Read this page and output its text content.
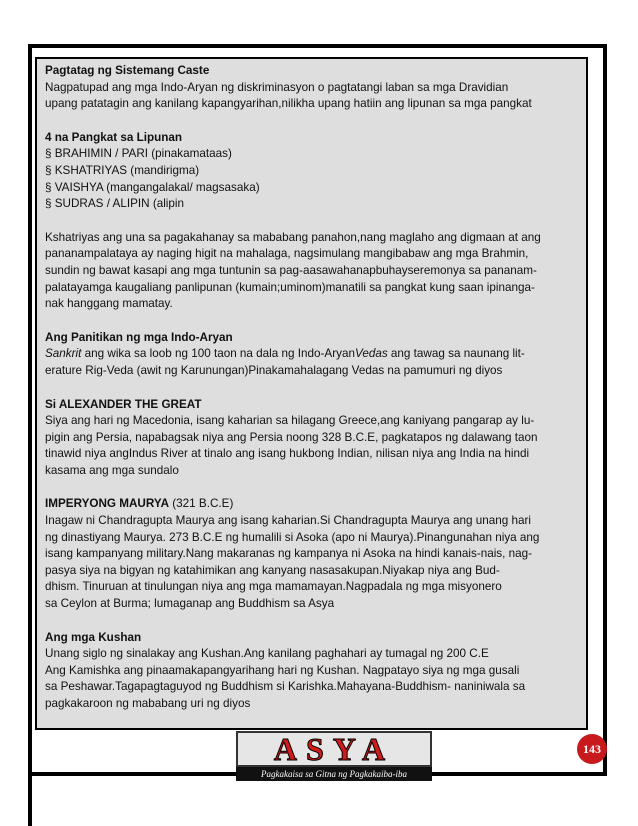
Pagtatag ng Sistemang Caste

Nagpatupad ang mga Indo-Aryan ng diskriminasyon o pagtatangi laban sa mga Dravidian

upang patatagin ang kanilang kapangyarihan,nilikha upang hatiin ang lipunan sa mga pangkat

4 na Pangkat sa Lipunan

§ BRAHIMIN / PARI (pinakamataas)

§ KSHATRIYAS (mandirigma)

§ VAISHYA (mangangalakal/ magsasaka)

§ SUDRAS / ALIPIN (alipin

Kshatriyas ang una sa pagakahanay sa mababang panahon,nang maglaho ang digmaan at ang

pananampalataya ay naging higit na mahalaga, nagsimulang mangibabaw ang mga Brahmin,

sundin ng bawat kasapi ang mga tuntunin sa pag-aasawahanapbuhayseremonya sa pananam-

palatayamga kaugaliang panlipunan (kumain;uminom)manatili sa pangkat kung saan ipinanga-

nak hanggang mamatay.

Ang Panitikan ng mga Indo-Aryan

Sankrit ang wika sa loob ng 100 taon na dala ng Indo-AryanVedas ang tawag sa naunang lit-

erature Rig-Veda (awit ng Karunungan)Pinakamahalagang Vedas na pamumuri ng diyos

Si ALEXANDER THE GREAT

Siya ang hari ng Macedonia, isang kaharian sa hilagang Greece,ang kaniyang pangarap ay lu-

pigin ang Persia, napabagsak niya ang Persia noong 328 B.C.E, pagkatapos ng dalawang taon

tinawid niya angIndus River at tinalo ang isang hukbong Indian, nilisan niya ang India na hindi

kasama ang mga sundalo

IMPERYONG MAURYA (321 B.C.E)

Inagaw ni Chandragupta Maurya ang isang kaharian.Si Chandragupta Maurya ang unang hari

ng dinastiyang Maurya. 273 B.C.E ng humalili si Asoka (apo ni Maurya).Pinangunahan niya ang

isang kampanyang military.Nang makaranas ng kampanya ni Asoka na hindi kanais-nais, nag-

pasya siya na bigyan ng katahimikan ang kanyang nasasakupan.Niyakap niya ang Bud-

dhism. Tinuruan at tinulungan niya ang mga mamamayan.Nagpadala ng mga misyonero

sa Ceylon at Burma; lumaganap ang Buddhism sa Asya

Ang mga Kushan

Unang siglo ng sinalakay ang Kushan.Ang kanilang paghahari ay tumagal ng 200 C.E

Ang Kamishka ang pinaamakapangyarihang hari ng Kushan. Nagpatayo siya ng mga gusali

sa Peshawar.Tagapagtaguyod ng Buddhism si Karishka.Mahayana-Buddhism- naniniwala sa

pagkakaroon ng mababang uri ng diyos

ASYA
Pagkakaisa sa Gitna ng Pagkakaiba-iba
143
